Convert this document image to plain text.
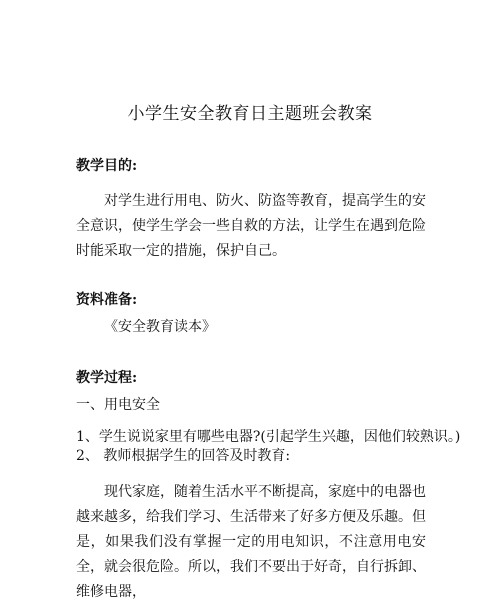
小学生安全教育日主题班会教案
教学目的:

对学生进行用电、防火、防盗等教育，提高学生的安全意识，使学生学会一些自救的方法，让学生在遇到危险时能采取一定的措施，保护自己。

资料准备:
《安全教育读本》
教学过程:
一、用电安全
1、学生说说家里有哪些电器?(引起学生兴趣，因他们较熟识。)
2、 教师根据学生的回答及时教育:

现代家庭，随着生活水平不断提高，家庭中的电器也越来越多，给我们学习、生活带来了好多方便及乐趣。但是，如果我们没有掌握一定的用电知识，不注意用电安全，就会很危险。所以，我们不要出于好奇，自行拆卸、维修电器，
